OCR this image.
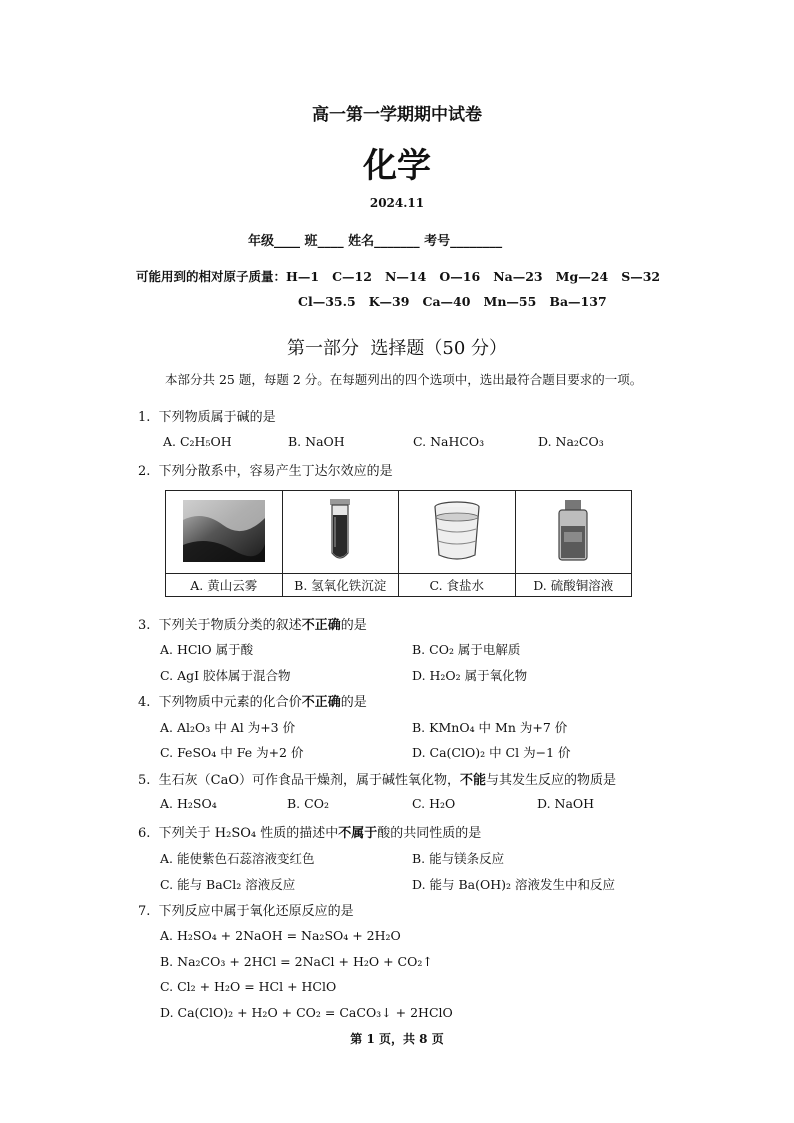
高一第一学期期中试卷
化学
2024.11
年级____ 班____ 姓名_______ 考号________
可能用到的相对原子质量：H—1   C—12   N—14   O—16   Na—23   Mg—24   S—32
Cl—35.5   K—39   Ca—40   Mn—55   Ba—137
第一部分  选择题（50 分）
本部分共 25 题，每题 2 分。在每题列出的四个选项中，选出最符合题目要求的一项。
1. 下列物质属于碱的是
A. C₂H₅OH	B. NaOH	C. NaHCO₃	D. Na₂CO₃
2. 下列分散系中，容易产生丁达尔效应的是

A. 黄山云雾	B. 氢氧化铁沉淀	C. 食盐水	D. 硫酸铜溶液
3. 下列关于物质分类的叙述不正确的是
A. HClO 属于酸	B. CO₂ 属于电解质
C. AgI 胶体属于混合物	D. H₂O₂ 属于氧化物
4. 下列物质中元素的化合价不正确的是
A. Al₂O₃ 中 Al 为+3 价	B. KMnO₄ 中 Mn 为+7 价
C. FeSO₄ 中 Fe 为+2 价	D. Ca(ClO)₂ 中 Cl 为−1 价
5. 生石灰（CaO）可作食品干燥剂，属于碱性氧化物，不能与其发生反应的物质是
A. H₂SO₄	B. CO₂	C. H₂O	D. NaOH
6. 下列关于 H₂SO₄ 性质的描述中不属于酸的共同性质的是
A. 能使紫色石蕊溶液变红色	B. 能与镁条反应
C. 能与 BaCl₂ 溶液反应	D. 能与 Ba(OH)₂ 溶液发生中和反应
7. 下列反应中属于氧化还原反应的是
A. H₂SO₄ + 2NaOH = Na₂SO₄ + 2H₂O
B. Na₂CO₃ + 2HCl = 2NaCl + H₂O + CO₂↑
C. Cl₂ + H₂O = HCl + HClO
D. Ca(ClO)₂ + H₂O + CO₂ = CaCO₃↓ + 2HClO
第 1 页，共 8 页
